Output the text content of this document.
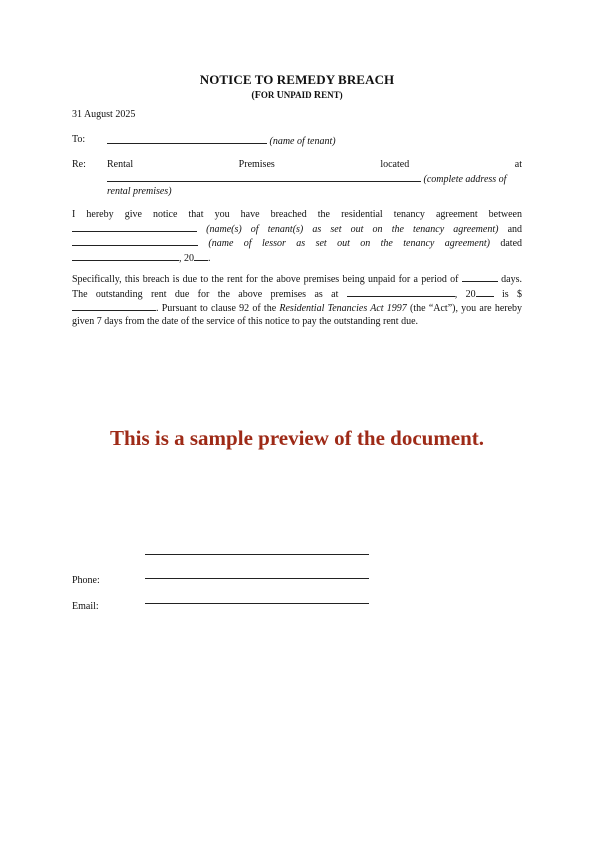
NOTICE TO REMEDY BREACH
(FOR UNPAID RENT)
31 August 2025
To:	(name of tenant)
Re: Rental	Premises	located	at
(complete address of
rental premises)
I hereby give notice that you have breached the residential tenancy agreement between  (name(s) of tenant(s) as set out on the tenancy agreement) and  (name of lessor as set out on the tenancy agreement) dated , 20 .
Specifically, this breach is due to the rent for the above premises being unpaid for a period of	days. The outstanding rent due for the above premises as at	, 20	is $. Pursuant to clause 92 of the Residential Tenancies Act 1997 (the “Act”), you are hereby given 7 days from the date of the service of this notice to pay the outstanding rent due.
This is a sample preview of the document.
Phone:
Email:
